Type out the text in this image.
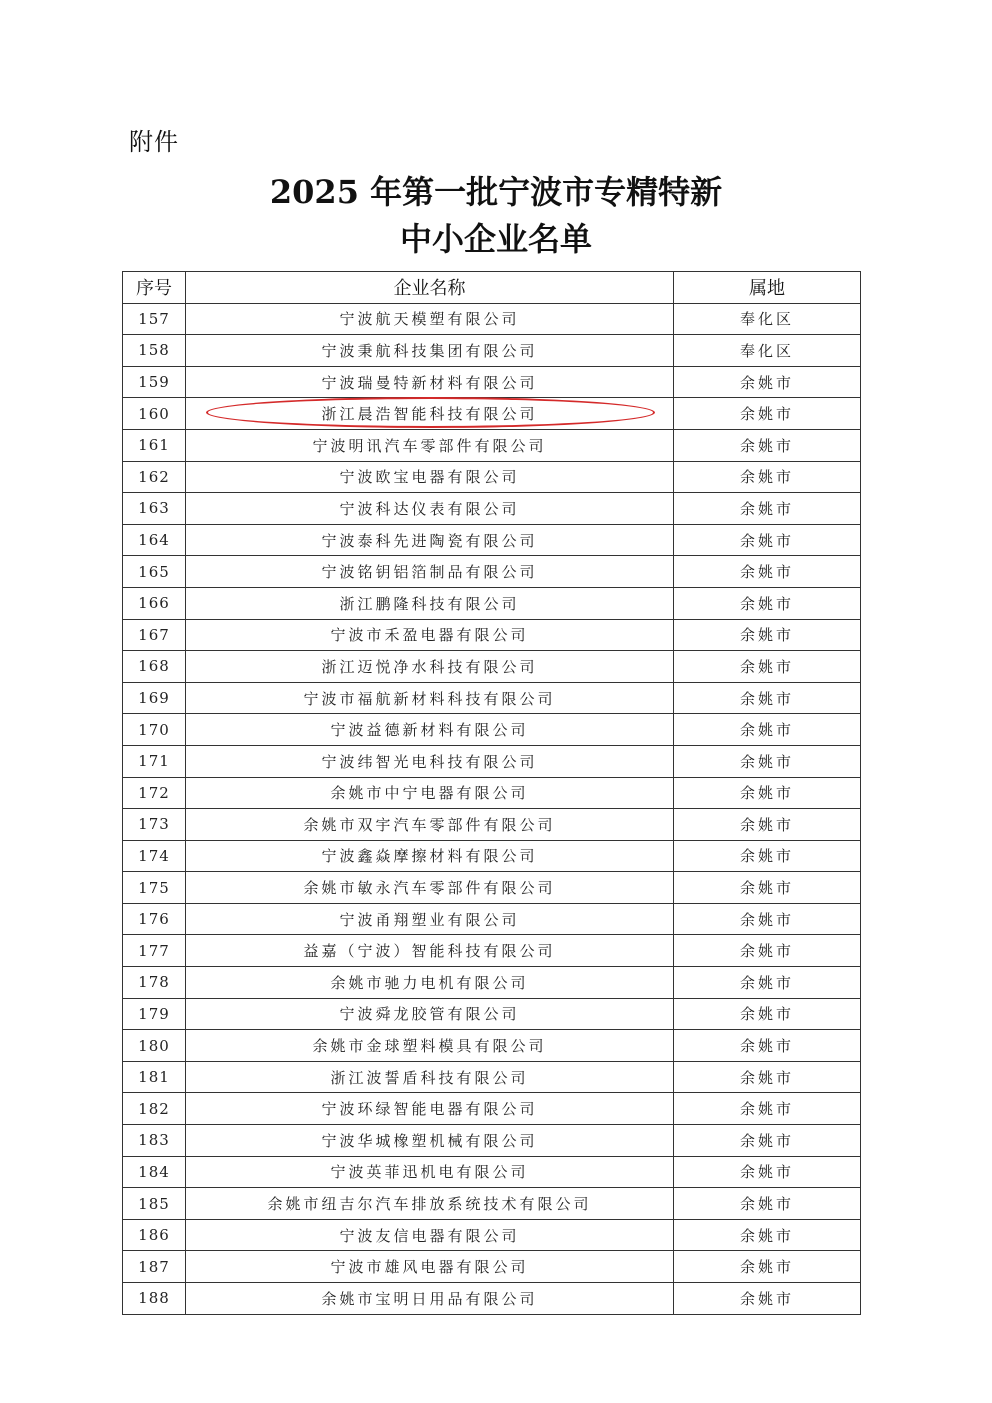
附件
2025 年第一批宁波市专精特新
中小企业名单
序号	企业名称	属地
157	宁波航天模塑有限公司	奉化区
158	宁波秉航科技集团有限公司	奉化区
159	宁波瑞曼特新材料有限公司	余姚市
160	浙江晨浩智能科技有限公司	余姚市
161	宁波明讯汽车零部件有限公司	余姚市
162	宁波欧宝电器有限公司	余姚市
163	宁波科达仪表有限公司	余姚市
164	宁波泰科先进陶瓷有限公司	余姚市
165	宁波铭钥铝箔制品有限公司	余姚市
166	浙江鹏隆科技有限公司	余姚市
167	宁波市禾盈电器有限公司	余姚市
168	浙江迈悦净水科技有限公司	余姚市
169	宁波市福航新材料科技有限公司	余姚市
170	宁波益德新材料有限公司	余姚市
171	宁波纬智光电科技有限公司	余姚市
172	余姚市中宁电器有限公司	余姚市
173	余姚市双宇汽车零部件有限公司	余姚市
174	宁波鑫焱摩擦材料有限公司	余姚市
175	余姚市敏永汽车零部件有限公司	余姚市
176	宁波甬翔塑业有限公司	余姚市
177	益嘉（宁波）智能科技有限公司	余姚市
178	余姚市驰力电机有限公司	余姚市
179	宁波舜龙胶管有限公司	余姚市
180	余姚市金球塑料模具有限公司	余姚市
181	浙江波誓盾科技有限公司	余姚市
182	宁波环绿智能电器有限公司	余姚市
183	宁波华城橡塑机械有限公司	余姚市
184	宁波英菲迅机电有限公司	余姚市
185	余姚市纽吉尔汽车排放系统技术有限公司	余姚市
186	宁波友信电器有限公司	余姚市
187	宁波市雄风电器有限公司	余姚市
188	余姚市宝明日用品有限公司	余姚市
